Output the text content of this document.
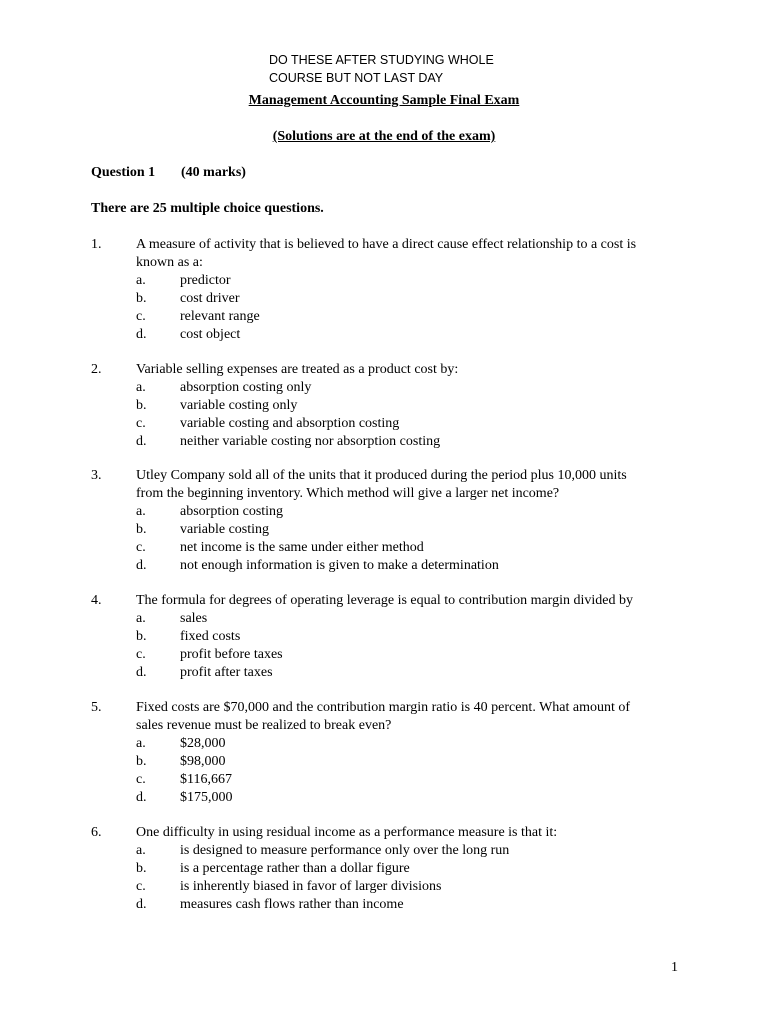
DO THESE AFTER STUDYING WHOLE
COURSE BUT NOT LAST DAY
Management Accounting Sample Final Exam
(Solutions are at the end of the exam)
Question 1 (40 marks)
There are 25 multiple choice questions.
1. A measure of activity that is believed to have a direct cause effect relationship to a cost is
known as a:
a. predictor
b. cost driver
c. relevant range
d. cost object
2. Variable selling expenses are treated as a product cost by:
a. absorption costing only
b. variable costing only
c. variable costing and absorption costing
d. neither variable costing nor absorption costing
3. Utley Company sold all of the units that it produced during the period plus 10,000 units
from the beginning inventory. Which method will give a larger net income?
a. absorption costing
b. variable costing
c. net income is the same under either method
d. not enough information is given to make a determination
4. The formula for degrees of operating leverage is equal to contribution margin divided by
a. sales
b. fixed costs
c. profit before taxes
d. profit after taxes
5. Fixed costs are $70,000 and the contribution margin ratio is 40 percent. What amount of
sales revenue must be realized to break even?
a. $28,000
b. $98,000
c. $116,667
d. $175,000
6. One difficulty in using residual income as a performance measure is that it:
a. is designed to measure performance only over the long run
b. is a percentage rather than a dollar figure
c. is inherently biased in favor of larger divisions
d. measures cash flows rather than income
1
